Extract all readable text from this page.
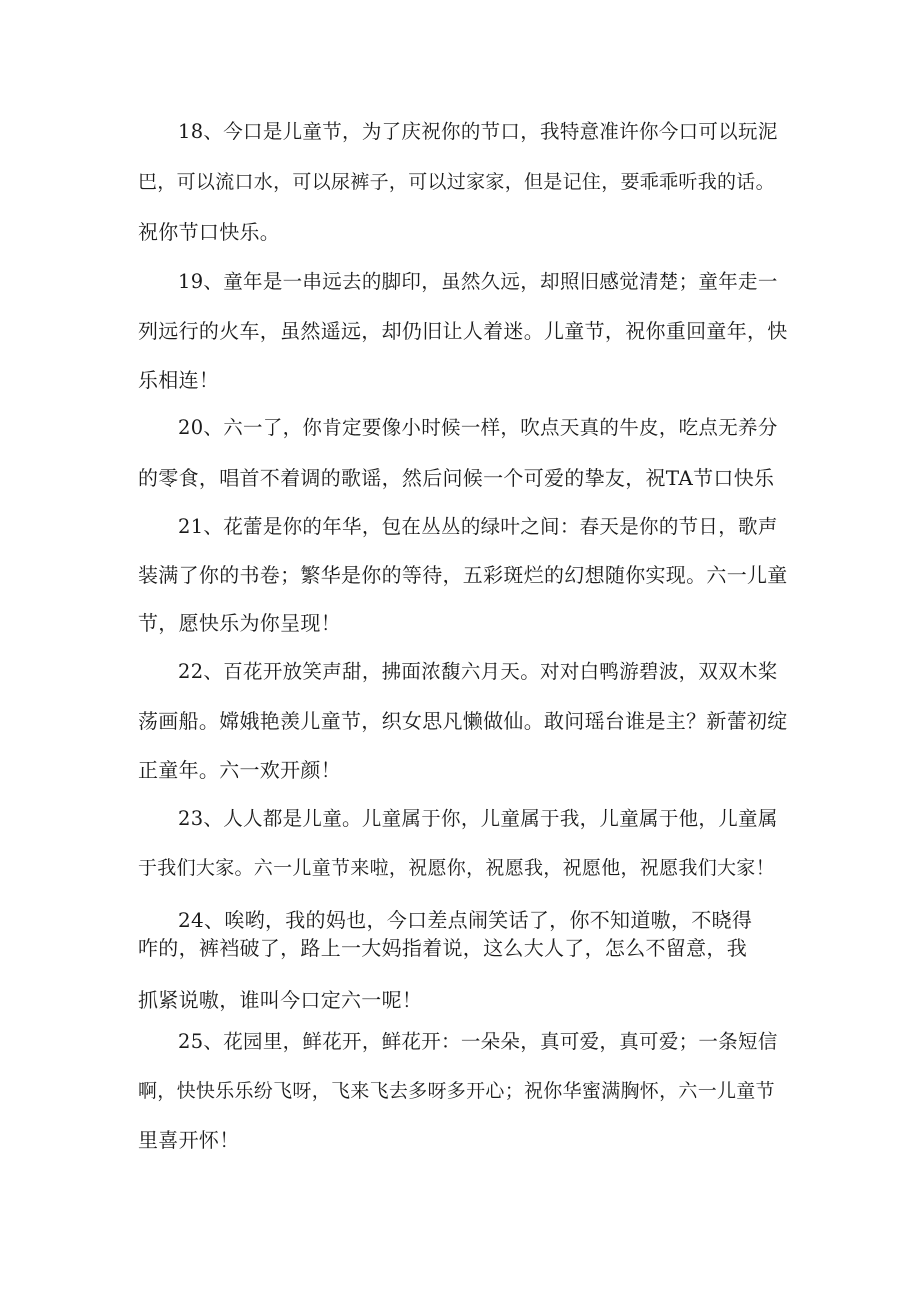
18、今口是儿童节，为了庆祝你的节口，我特意准许你今口可以玩泥
巴，可以流口水，可以尿裤子，可以过家家，但是记住，要乖乖听我的话。
祝你节口快乐。
19、童年是一串远去的脚印，虽然久远，却照旧感觉清楚；童年走一
列远行的火车，虽然遥远，却仍旧让人着迷。儿童节，祝你重回童年，快
乐相连！
20、六一了，你肯定要像小时候一样，吹点天真的牛皮，吃点无养分
的零食，唱首不着调的歌谣，然后问候一个可爱的挚友，祝TA节口快乐
21、花蕾是你的年华，包在丛丛的绿叶之间：春天是你的节日，歌声
装满了你的书卷；繁华是你的等待，五彩斑烂的幻想随你实现。六一儿童
节，愿快乐为你呈现！
22、百花开放笑声甜，拂面浓馥六月天。对对白鸭游碧波，双双木桨
荡画船。嫦娥艳羡儿童节，织女思凡懒做仙。敢问瑶台谁是主？新蕾初绽
正童年。六一欢开颜！
23、人人都是儿童。儿童属于你，儿童属于我，儿童属于他，儿童属
于我们大家。六一儿童节来啦，祝愿你，祝愿我，祝愿他，祝愿我们大家！
24、唉哟，我的妈也，今口差点闹笑话了，你不知道嗷，不晓得
咋的，裤裆破了，路上一大妈指着说，这么大人了，怎么不留意，我
抓紧说嗷，谁叫今口定六一呢！
25、花园里，鲜花开，鲜花开：一朵朵，真可爱，真可爱；一条短信
啊，快快乐乐纷飞呀，飞来飞去多呀多开心；祝你华蜜满胸怀，六一儿童节
里喜开怀！
